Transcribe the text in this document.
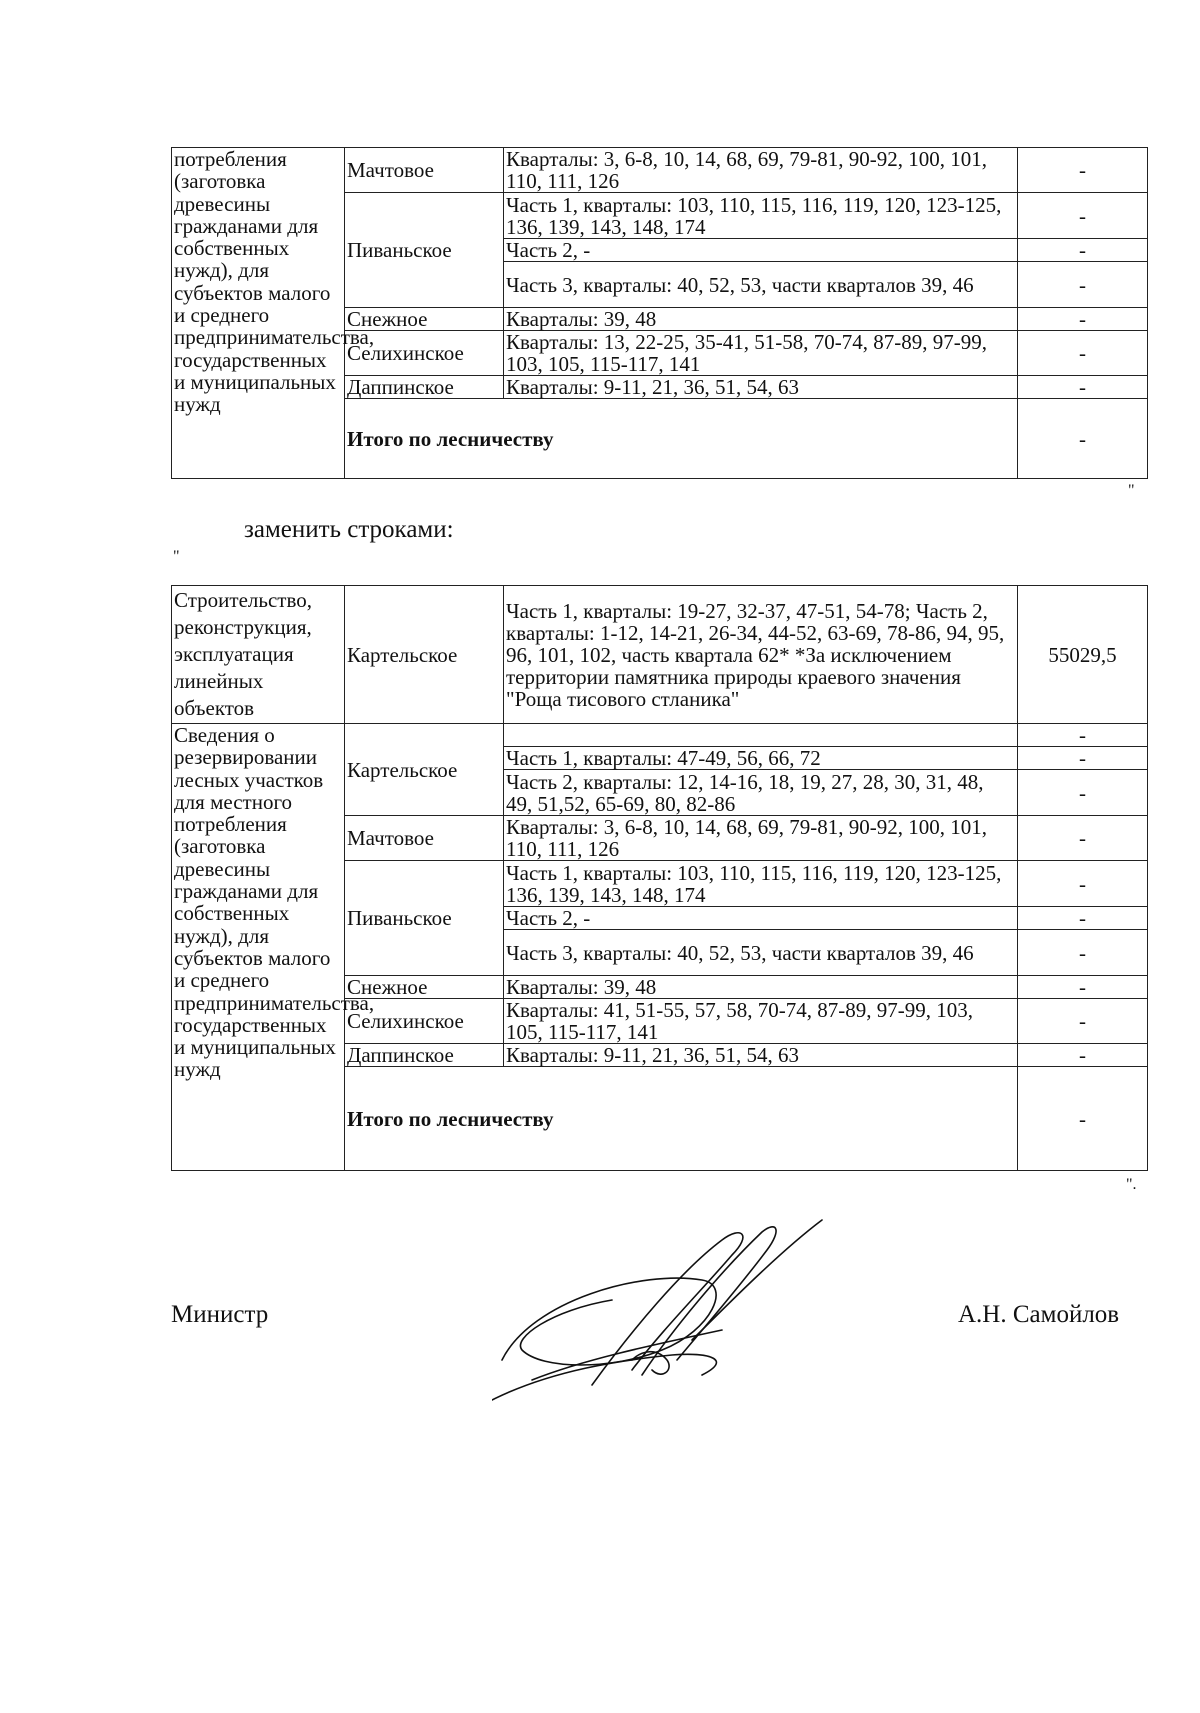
потребления (заготовка древесины гражданами для собственных нужд), для субъектов малого и среднего предпринимательства, государственных и муниципальных нужд	Мачтовое	Кварталы: 3, 6-8, 10, 14, 68, 69, 79-81, 90-92, 100, 101, 110, 111, 126	-
	Пиваньское	Часть 1, кварталы: 103, 110, 115, 116, 119, 120, 123-125, 136, 139, 143, 148, 174	-
		Часть 2, -	-
		Часть 3, кварталы: 40, 52, 53, части кварталов 39, 46	-
	Снежное	Кварталы: 39, 48	-
	Селихинское	Кварталы: 13, 22-25, 35-41, 51-58, 70-74, 87-89, 97-99, 103, 105, 115-117, 141	-
	Даппинское	Кварталы: 9-11, 21, 36, 51, 54, 63	-
	Итого по лесничеству		-
"
заменить строками:
"
Строительство, реконструкция, эксплуатация линейных объектов	Картельское	Часть 1, кварталы: 19-27, 32-37, 47-51, 54-78; Часть 2, кварталы: 1-12, 14-21, 26-34, 44-52, 63-69, 78-86, 94, 95, 96, 101, 102, часть квартала 62* *За исключением территории памятника природы краевого значения "Роща тисового стланика"	55029,5
Сведения о резервировании лесных участков для местного потребления (заготовка древесины гражданами для собственных нужд), для субъектов малого и среднего предпринимательства, государственных и муниципальных нужд	Картельское		-
		Часть 1, кварталы: 47-49, 56, 66, 72	-
		Часть 2, кварталы: 12, 14-16, 18, 19, 27, 28, 30, 31, 48, 49, 51,52, 65-69, 80, 82-86	-
	Мачтовое	Кварталы: 3, 6-8, 10, 14, 68, 69, 79-81, 90-92, 100, 101, 110, 111, 126	-
	Пиваньское	Часть 1, кварталы: 103, 110, 115, 116, 119, 120, 123-125, 136, 139, 143, 148, 174	-
		Часть 2, -	-
		Часть 3, кварталы: 40, 52, 53, части кварталов 39, 46	-
	Снежное	Кварталы: 39, 48	-
	Селихинское	Кварталы: 41, 51-55, 57, 58, 70-74, 87-89, 97-99, 103, 105, 115-117, 141	-
	Даппинское	Кварталы: 9-11, 21, 36, 51, 54, 63	-
	Итого по лесничеству		-
".
Министр	А.Н. Самойлов
